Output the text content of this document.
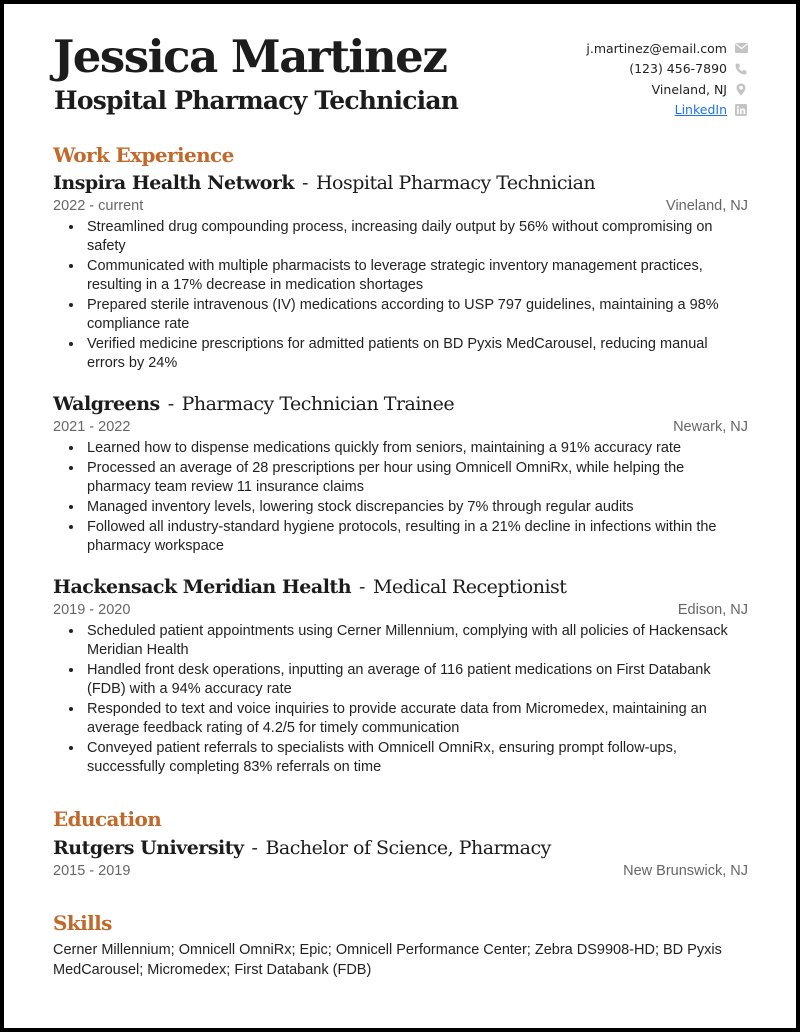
Jessica Martinez
Hospital Pharmacy Technician
j.martinez@email.com
(123) 456-7890
Vineland, NJ
LinkedIn
Work Experience
Inspira Health Network - Hospital Pharmacy Technician
2022 - current	Vineland, NJ
• Streamlined drug compounding process, increasing daily output by 56% without compromising on safety
• Communicated with multiple pharmacists to leverage strategic inventory management practices, resulting in a 17% decrease in medication shortages
• Prepared sterile intravenous (IV) medications according to USP 797 guidelines, maintaining a 98% compliance rate
• Verified medicine prescriptions for admitted patients on BD Pyxis MedCarousel, reducing manual errors by 24%
Walgreens - Pharmacy Technician Trainee
2021 - 2022	Newark, NJ
• Learned how to dispense medications quickly from seniors, maintaining a 91% accuracy rate
• Processed an average of 28 prescriptions per hour using Omnicell OmniRx, while helping the pharmacy team review 11 insurance claims
• Managed inventory levels, lowering stock discrepancies by 7% through regular audits
• Followed all industry-standard hygiene protocols, resulting in a 21% decline in infections within the pharmacy workspace
Hackensack Meridian Health - Medical Receptionist
2019 - 2020	Edison, NJ
• Scheduled patient appointments using Cerner Millennium, complying with all policies of Hackensack Meridian Health
• Handled front desk operations, inputting an average of 116 patient medications on First Databank (FDB) with a 94% accuracy rate
• Responded to text and voice inquiries to provide accurate data from Micromedex, maintaining an average feedback rating of 4.2/5 for timely communication
• Conveyed patient referrals to specialists with Omnicell OmniRx, ensuring prompt follow-ups, successfully completing 83% referrals on time
Education
Rutgers University - Bachelor of Science, Pharmacy
2015 - 2019	New Brunswick, NJ
Skills
Cerner Millennium; Omnicell OmniRx; Epic; Omnicell Performance Center; Zebra DS9908-HD; BD Pyxis MedCarousel; Micromedex; First Databank (FDB)
